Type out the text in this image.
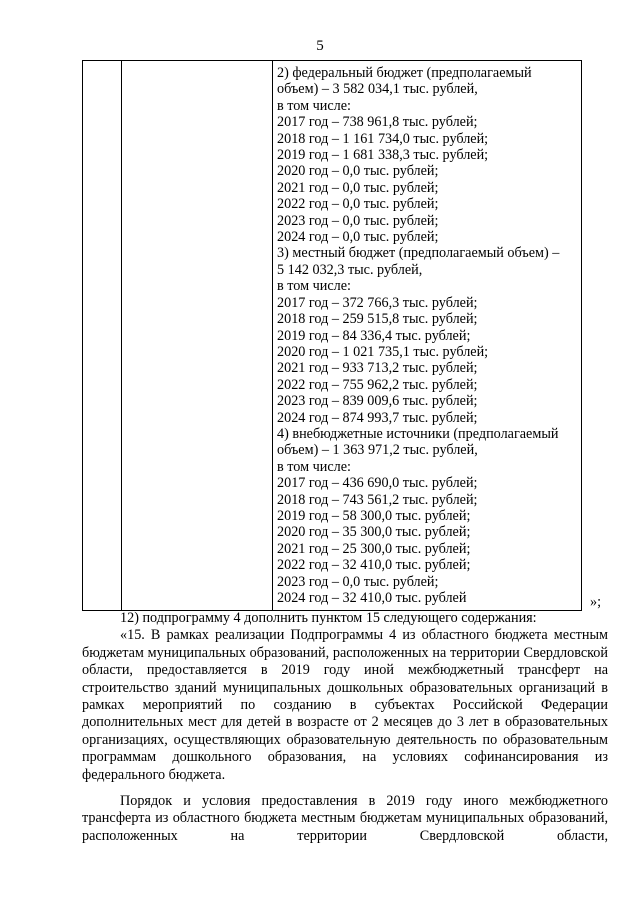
5
2) федеральный бюджет (предполагаемый
объем) – 3 582 034,1 тыс. рублей,
в том числе:
2017 год – 738 961,8 тыс. рублей;
2018 год – 1 161 734,0 тыс. рублей;
2019 год – 1 681 338,3 тыс. рублей;
2020 год – 0,0 тыс. рублей;
2021 год – 0,0 тыс. рублей;
2022 год – 0,0 тыс. рублей;
2023 год – 0,0 тыс. рублей;
2024 год – 0,0 тыс. рублей;
3) местный бюджет (предполагаемый объем) –
5 142 032,3 тыс. рублей,
в том числе:
2017 год – 372 766,3 тыс. рублей;
2018 год – 259 515,8 тыс. рублей;
2019 год – 84 336,4 тыс. рублей;
2020 год – 1 021 735,1 тыс. рублей;
2021 год – 933 713,2 тыс. рублей;
2022 год – 755 962,2 тыс. рублей;
2023 год – 839 009,6 тыс. рублей;
2024 год – 874 993,7 тыс. рублей;
4) внебюджетные источники (предполагаемый
объем) – 1 363 971,2 тыс. рублей,
в том числе:
2017 год – 436 690,0 тыс. рублей;
2018 год – 743 561,2 тыс. рублей;
2019 год – 58 300,0 тыс. рублей;
2020 год – 35 300,0 тыс. рублей;
2021 год – 25 300,0 тыс. рублей;
2022 год – 32 410,0 тыс. рублей;
2023 год – 0,0 тыс. рублей;
2024 год – 32 410,0 тыс. рублей	»;

12) подпрограмму 4 дополнить пунктом 15 следующего содержания:

«15. В рамках реализации Подпрограммы 4 из областного бюджета местным бюджетам муниципальных образований, расположенных на территории Свердловской области, предоставляется в 2019 году иной межбюджетный трансферт на строительство зданий муниципальных дошкольных образовательных организаций в рамках мероприятий по созданию в субъектах Российской Федерации дополнительных мест для детей в возрасте от 2 месяцев до 3 лет в образовательных организациях, осуществляющих образовательную деятельность по образовательным программам дошкольного образования, на условиях софинансирования из федерального бюджета.

Порядок и условия предоставления в 2019 году иного межбюджетного трансферта из областного бюджета местным бюджетам муниципальных образований, расположенных на территории Свердловской области,
